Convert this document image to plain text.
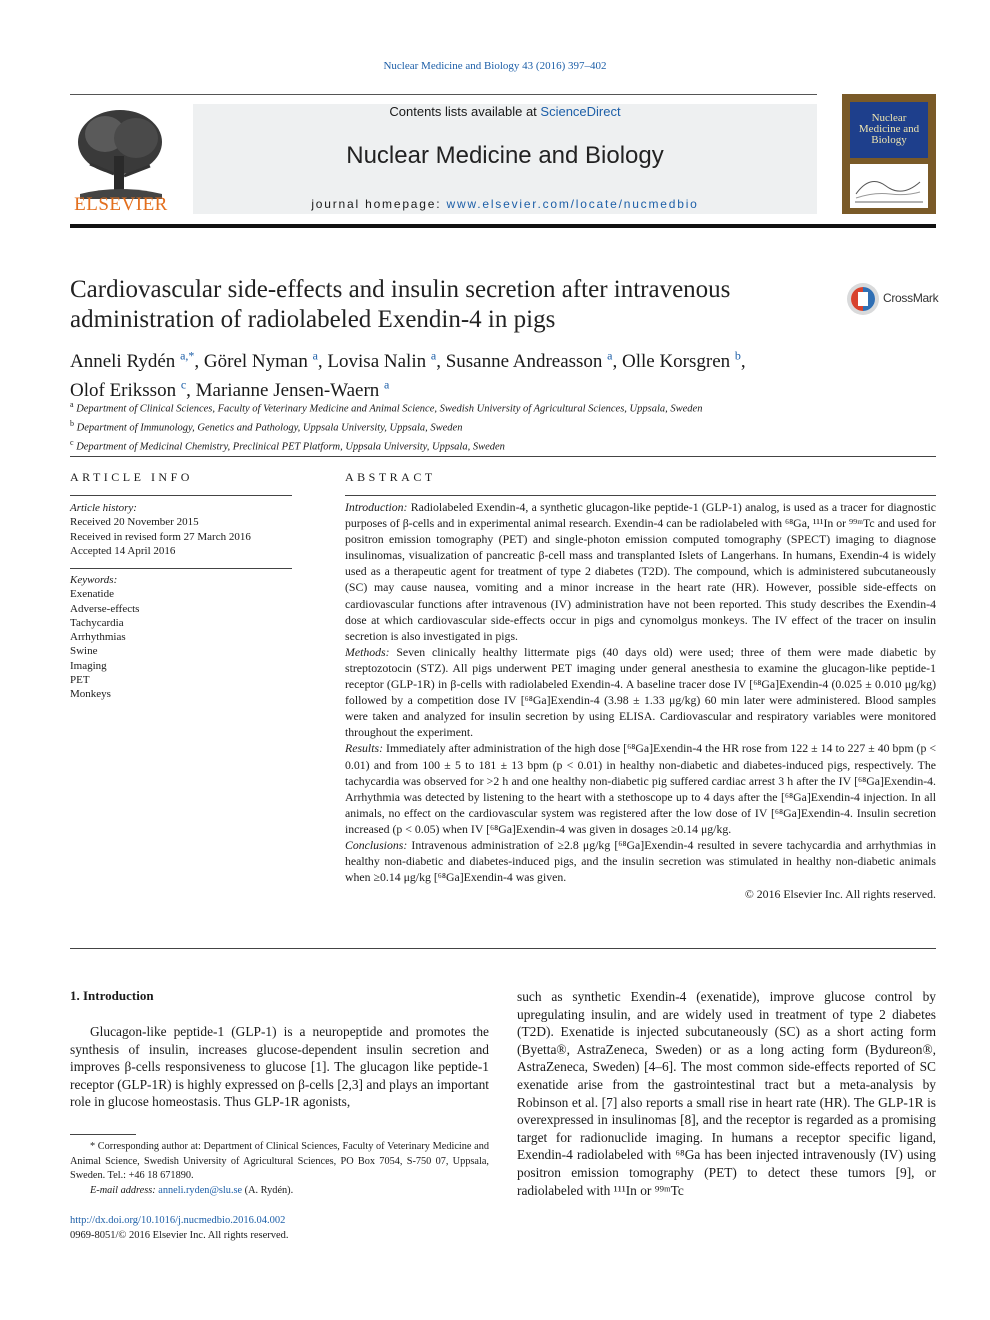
Nuclear Medicine and Biology 43 (2016) 397–402
ELSEVIER
Contents lists available at ScienceDirect
Nuclear Medicine and Biology
journal homepage: www.elsevier.com/locate/nucmedbio
Nuclear Medicine and Biology
Cardiovascular side-effects and insulin secretion after intravenous administration of radiolabeled Exendin-4 in pigs
CrossMark
Anneli Rydén $^{a,*}$, Görel Nyman $^a$, Lovisa Nalin $^a$, Susanne Andreasson $^a$, Olle Korsgren $^b$,
Olof Eriksson $^c$, Marianne Jensen-Waern $^a$
$^a$ Department of Clinical Sciences, Faculty of Veterinary Medicine and Animal Science, Swedish University of Agricultural Sciences, Uppsala, Sweden
$^b$ Department of Immunology, Genetics and Pathology, Uppsala University, Uppsala, Sweden
$^c$ Department of Medicinal Chemistry, Preclinical PET Platform, Uppsala University, Uppsala, Sweden
ARTICLE INFO
Article history:
Received 20 November 2015
Received in revised form 27 March 2016
Accepted 14 April 2016
Keywords:
Exenatide
Adverse-effects
Tachycardia
Arrhythmias
Swine
Imaging
PET
Monkeys
ABSTRACT

Introduction: Radiolabeled Exendin-4, a synthetic glucagon-like peptide-1 (GLP-1) analog, is used as a tracer for diagnostic purposes of β-cells and in experimental animal research. Exendin-4 can be radiolabeled with ⁶⁸Ga, ¹¹¹In or ⁹⁹ᵐTc and used for positron emission tomography (PET) and single-photon emission computed tomography (SPECT) imaging to diagnose insulinomas, visualization of pancreatic β-cell mass and transplanted Islets of Langerhans. In humans, Exendin-4 is widely used as a therapeutic agent for treatment of type 2 diabetes (T2D). The compound, which is administered subcutaneously (SC) may cause nausea, vomiting and a minor increase in the heart rate (HR). However, possible side-effects on cardiovascular functions after intravenous (IV) administration have not been reported. This study describes the Exendin-4 dose at which cardiovascular side-effects occur in pigs and cynomolgus monkeys. The IV effect of the tracer on insulin secretion is also investigated in pigs.

Methods: Seven clinically healthy littermate pigs (40 days old) were used; three of them were made diabetic by streptozotocin (STZ). All pigs underwent PET imaging under general anesthesia to examine the glucagon-like peptide-1 receptor (GLP-1R) in β-cells with radiolabeled Exendin-4. A baseline tracer dose IV [⁶⁸Ga]Exendin-4 (0.025 ± 0.010 μg/kg) followed by a competition dose IV [⁶⁸Ga]Exendin-4 (3.98 ± 1.33 μg/kg) 60 min later were administered. Blood samples were taken and analyzed for insulin secretion by using ELISA. Cardiovascular and respiratory variables were monitored throughout the experiment.

Results: Immediately after administration of the high dose [⁶⁸Ga]Exendin-4 the HR rose from 122 ± 14 to 227 ± 40 bpm (p < 0.01) and from 100 ± 5 to 181 ± 13 bpm (p < 0.01) in healthy non-diabetic and diabetes-induced pigs, respectively. The tachycardia was observed for >2 h and one healthy non-diabetic pig suffered cardiac arrest 3 h after the IV [⁶⁸Ga]Exendin-4. Arrhythmia was detected by listening to the heart with a stethoscope up to 4 days after the [⁶⁸Ga]Exendin-4 injection. In all animals, no effect on the cardiovascular system was registered after the low dose of IV [⁶⁸Ga]Exendin-4. Insulin secretion increased (p < 0.05) when IV [⁶⁸Ga]Exendin-4 was given in dosages ≥0.14 μg/kg.

Conclusions: Intravenous administration of ≥2.8 μg/kg [⁶⁸Ga]Exendin-4 resulted in severe tachycardia and arrhythmias in healthy non-diabetic and diabetes-induced pigs, and the insulin secretion was stimulated in healthy non-diabetic animals when ≥0.14 μg/kg [⁶⁸Ga]Exendin-4 was given.

© 2016 Elsevier Inc. All rights reserved.

1. Introduction
Glucagon-like peptide-1 (GLP-1) is a neuropeptide and promotes the synthesis of insulin, increases glucose-dependent insulin secretion and improves β-cells responsiveness to glucose [1]. The glucagon like peptide-1 receptor (GLP-1R) is highly expressed on β-cells [2,3] and plays an important role in glucose homeostasis. Thus GLP-1R agonists,
such as synthetic Exendin-4 (exenatide), improve glucose control by upregulating insulin, and are widely used in treatment of type 2 diabetes (T2D). Exenatide is injected subcutaneously (SC) as a short acting form (Byetta®, AstraZeneca, Sweden) or as a long acting form (Bydureon®, AstraZeneca, Sweden) [4–6]. The most common side-effects reported of SC exenatide arise from the gastrointestinal tract but a meta-analysis by Robinson et al. [7] also reports a small rise in heart rate (HR). The GLP-1R is overexpressed in insulinomas [8], and the receptor is regarded as a promising target for radionuclide imaging. In humans a receptor specific ligand, Exendin-4 radiolabeled with ⁶⁸Ga has been injected intravenously (IV) using positron emission tomography (PET) to detect these tumors [9], or radiolabeled with ¹¹¹In or ⁹⁹ᵐTc
* Corresponding author at: Department of Clinical Sciences, Faculty of Veterinary Medicine and Animal Science, Swedish University of Agricultural Sciences, PO Box 7054, S-750 07, Uppsala, Sweden. Tel.: +46 18 671890.
E-mail address: anneli.ryden@slu.se (A. Rydén).
http://dx.doi.org/10.1016/j.nucmedbio.2016.04.002
0969-8051/© 2016 Elsevier Inc. All rights reserved.
